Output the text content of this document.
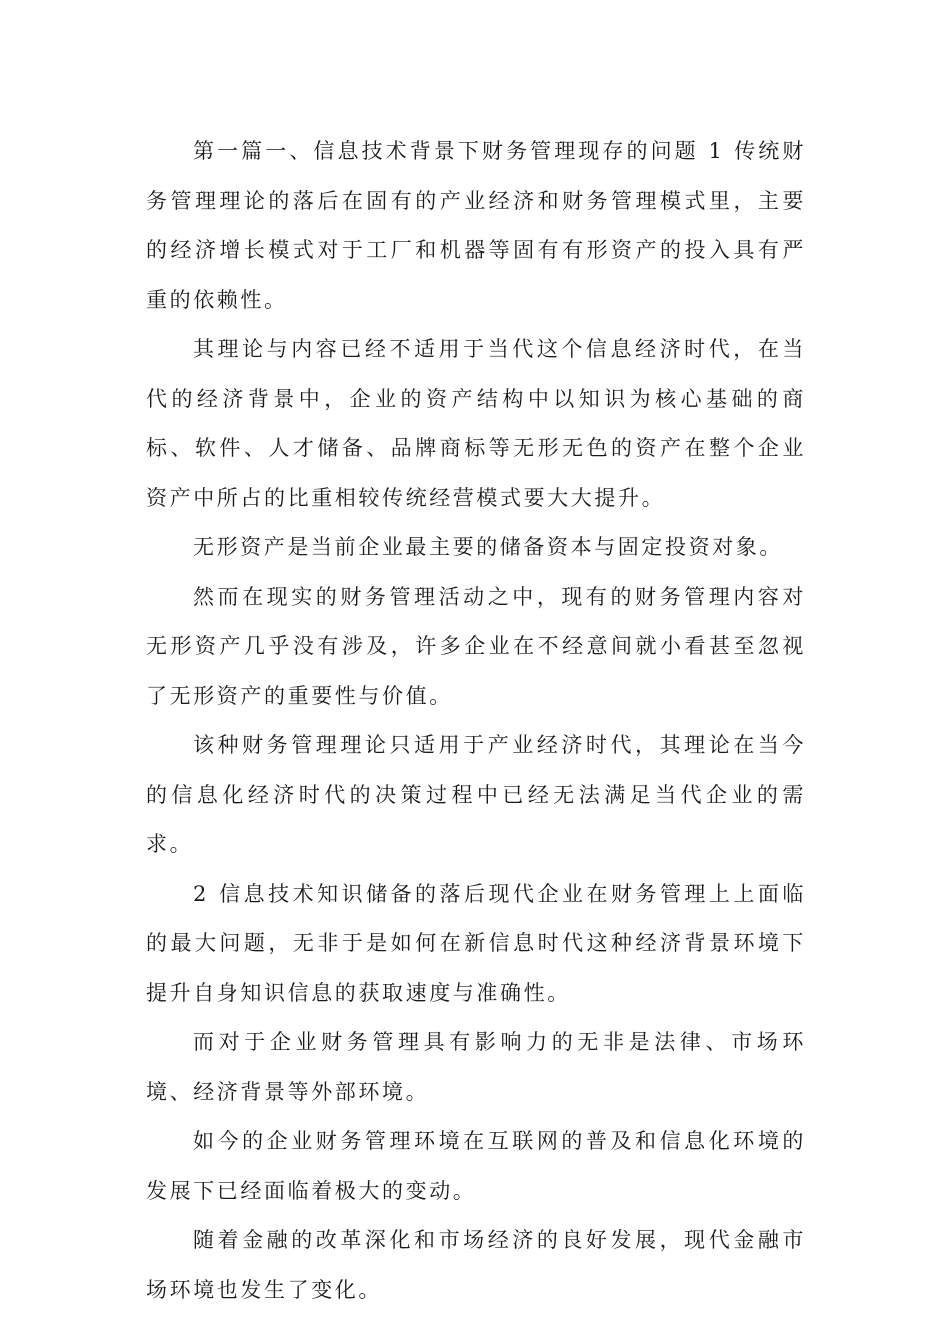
第一篇一、信息技术背景下财务管理现存的问题 1 传统财务管理理论的落后在固有的产业经济和财务管理模式里，主要的经济增长模式对于工厂和机器等固有有形资产的投入具有严重的依赖性。

其理论与内容已经不适用于当代这个信息经济时代，在当代的经济背景中，企业的资产结构中以知识为核心基础的商标、软件、人才储备、品牌商标等无形无色的资产在整个企业资产中所占的比重相较传统经营模式要大大提升。

无形资产是当前企业最主要的储备资本与固定投资对象。

然而在现实的财务管理活动之中，现有的财务管理内容对无形资产几乎没有涉及，许多企业在不经意间就小看甚至忽视了无形资产的重要性与价值。

该种财务管理理论只适用于产业经济时代，其理论在当今的信息化经济时代的决策过程中已经无法满足当代企业的需求。

2 信息技术知识储备的落后现代企业在财务管理上上面临的最大问题，无非于是如何在新信息时代这种经济背景环境下提升自身知识信息的获取速度与准确性。

而对于企业财务管理具有影响力的无非是法律、市场环境、经济背景等外部环境。

如今的企业财务管理环境在互联网的普及和信息化环境的发展下已经面临着极大的变动。

随着金融的改革深化和市场经济的良好发展，现代金融市场环境也发生了变化。
